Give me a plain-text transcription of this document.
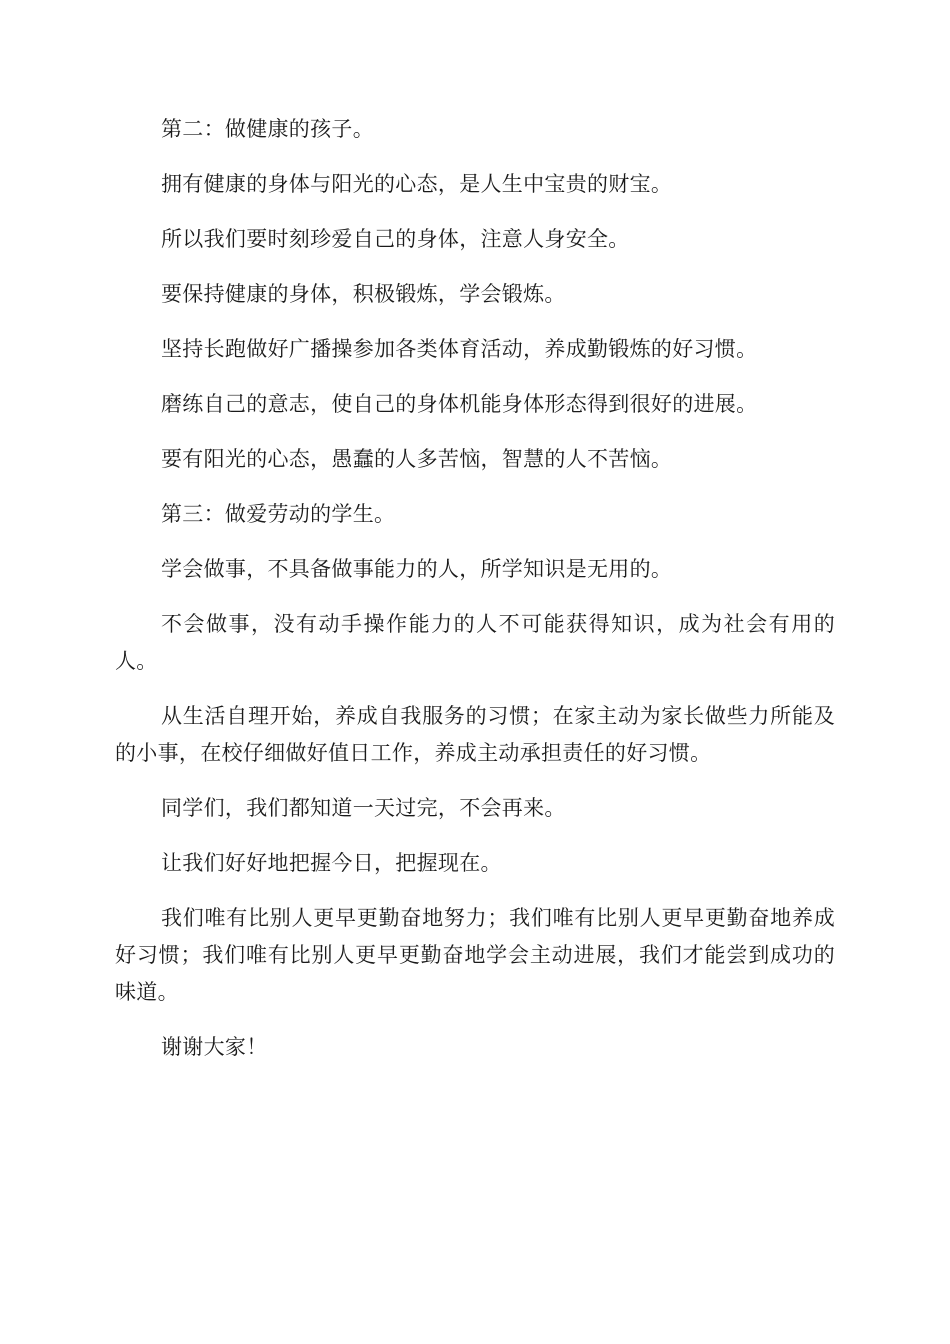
第二：做健康的孩子。

拥有健康的身体与阳光的心态，是人生中宝贵的财宝。

所以我们要时刻珍爱自己的身体，注意人身安全。

要保持健康的身体，积极锻炼，学会锻炼。

坚持长跑做好广播操参加各类体育活动，养成勤锻炼的好习惯。

磨练自己的意志，使自己的身体机能身体形态得到很好的进展。

要有阳光的心态，愚蠢的人多苦恼，智慧的人不苦恼。

第三：做爱劳动的学生。

学会做事，不具备做事能力的人，所学知识是无用的。

不会做事，没有动手操作能力的人不可能获得知识，成为社会有用的人。

从生活自理开始，养成自我服务的习惯；在家主动为家长做些力所能及的小事，在校仔细做好值日工作，养成主动承担责任的好习惯。

同学们，我们都知道一天过完，不会再来。

让我们好好地把握今日，把握现在。

我们唯有比别人更早更勤奋地努力；我们唯有比别人更早更勤奋地养成好习惯；我们唯有比别人更早更勤奋地学会主动进展，我们才能尝到成功的味道。

谢谢大家！
